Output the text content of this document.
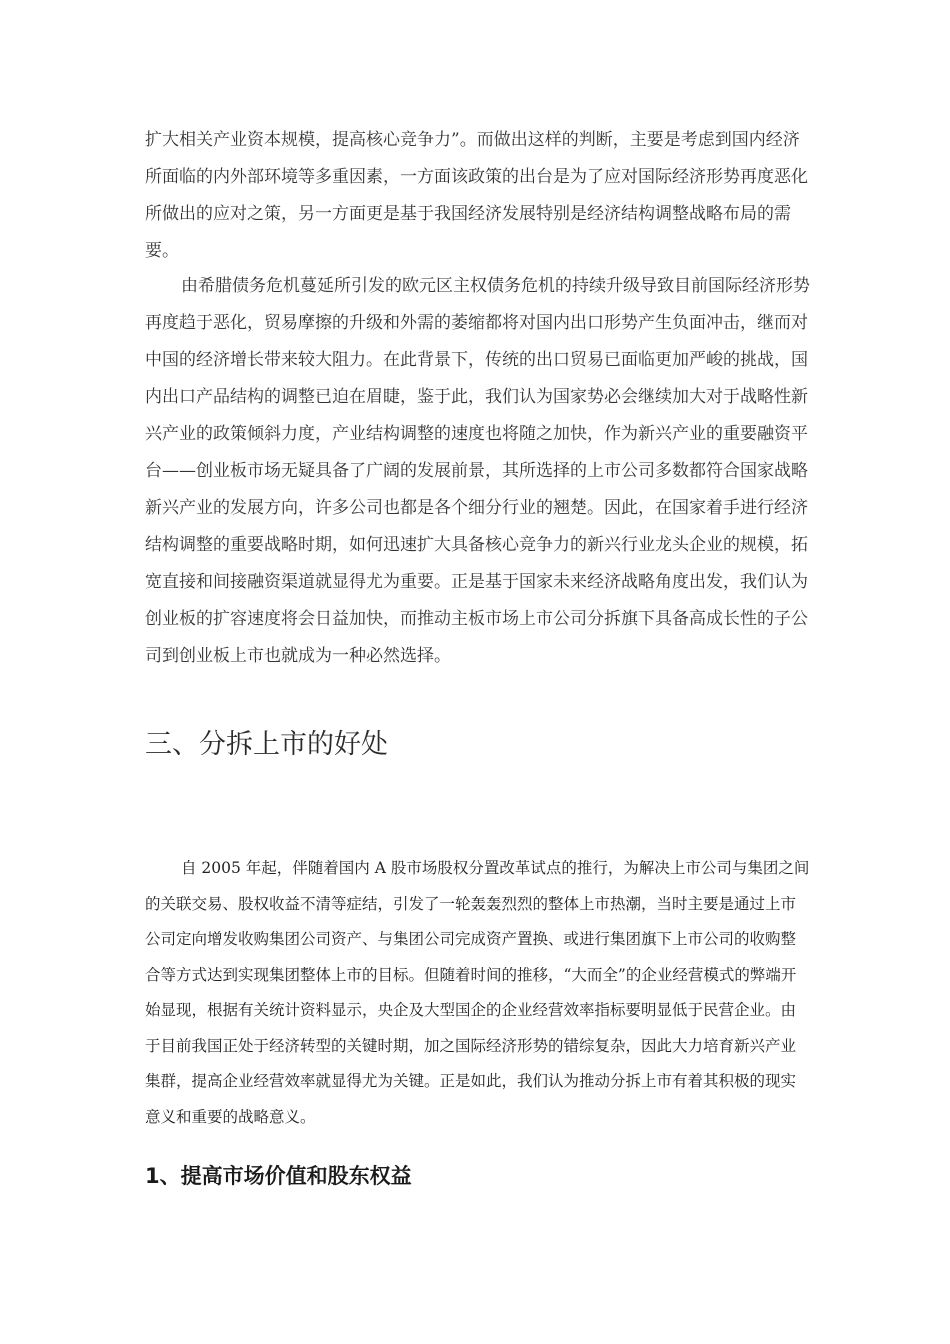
扩大相关产业资本规模，提高核心竞争力”。而做出这样的判断，主要是考虑到国内经济所面临的内外部环境等多重因素，一方面该政策的出台是为了应对国际经济形势再度恶化所做出的应对之策，另一方面更是基于我国经济发展特别是经济结构调整战略布局的需要。

由希腊债务危机蔓延所引发的欧元区主权债务危机的持续升级导致目前国际经济形势再度趋于恶化，贸易摩擦的升级和外需的萎缩都将对国内出口形势产生负面冲击，继而对中国的经济增长带来较大阻力。在此背景下，传统的出口贸易已面临更加严峻的挑战，国内出口产品结构的调整已迫在眉睫，鉴于此，我们认为国家势必会继续加大对于战略性新兴产业的政策倾斜力度，产业结构调整的速度也将随之加快，作为新兴产业的重要融资平台——创业板市场无疑具备了广阔的发展前景，其所选择的上市公司多数都符合国家战略新兴产业的发展方向，许多公司也都是各个细分行业的翘楚。因此，在国家着手进行经济结构调整的重要战略时期，如何迅速扩大具备核心竞争力的新兴行业龙头企业的规模，拓宽直接和间接融资渠道就显得尤为重要。正是基于国家未来经济战略角度出发，我们认为创业板的扩容速度将会日益加快，而推动主板市场上市公司分拆旗下具备高成长性的子公司到创业板上市也就成为一种必然选择。

三、分拆上市的好处

自 2005 年起，伴随着国内 A 股市场股权分置改革试点的推行，为解决上市公司与集团之间的关联交易、股权收益不清等症结，引发了一轮轰轰烈烈的整体上市热潮，当时主要是通过上市公司定向增发收购集团公司资产、与集团公司完成资产置换、或进行集团旗下上市公司的收购整合等方式达到实现集团整体上市的目标。但随着时间的推移，“大而全”的企业经营模式的弊端开始显现，根据有关统计资料显示，央企及大型国企的企业经营效率指标要明显低于民营企业。由于目前我国正处于经济转型的关键时期，加之国际经济形势的错综复杂，因此大力培育新兴产业集群，提高企业经营效率就显得尤为关键。正是如此，我们认为推动分拆上市有着其积极的现实意义和重要的战略意义。

1、提高市场价值和股东权益
